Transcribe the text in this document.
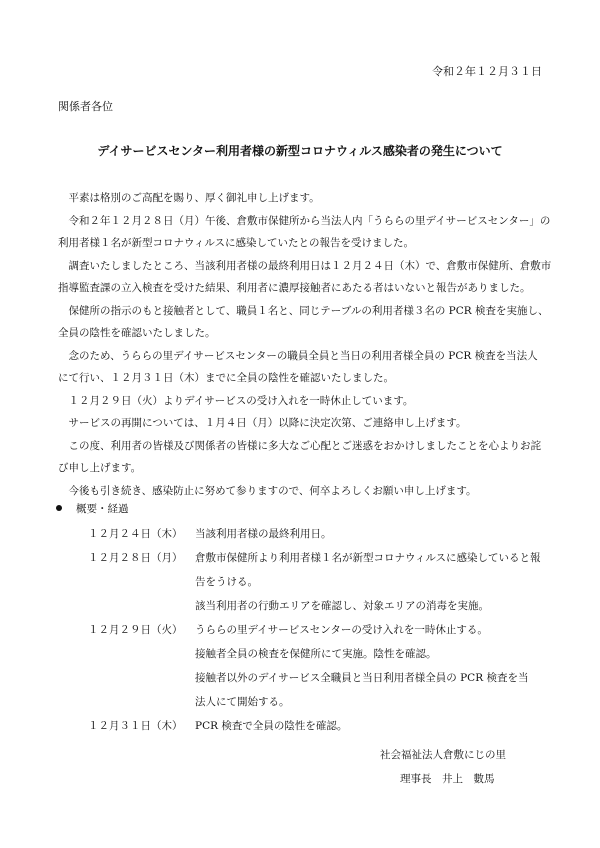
令和２年１２月３１日
関係者各位
デイサービスセンター利用者様の新型コロナウィルス感染者の発生について

　平素は格別のご高配を賜り、厚く御礼申し上げます。

　令和２年１２月２８日（月）午後、倉敷市保健所から当法人内「うららの里デイサービスセンター」の

利用者様１名が新型コロナウィルスに感染していたとの報告を受けました。

　調査いたしましたところ、当該利用者様の最終利用日は１２月２４日（木）で、倉敷市保健所、倉敷市

指導監査課の立入検査を受けた結果、利用者に濃厚接触者にあたる者はいないと報告がありました。

　保健所の指示のもと接触者として、職員１名と、同じテーブルの利用者様３名の PCR 検査を実施し、

全員の陰性を確認いたしました。

　念のため、うららの里デイサービスセンターの職員全員と当日の利用者様全員の PCR 検査を当法人

にて行い、１２月３１日（木）までに全員の陰性を確認いたしました。

　１２月２９日（火）よりデイサービスの受け入れを一時休止しています。

　サービスの再開については、１月４日（月）以降に決定次第、ご連絡申し上げます。

　この度、利用者の皆様及び関係者の皆様に多大なご心配とご迷惑をおかけしましたことを心よりお詫

び申し上げます。

　今後も引き続き、感染防止に努めて参りますので、何卒よろしくお願い申し上げます。

概要・経過
１２月２４日（木）	当該利用者様の最終利用日。
１２月２８日（月）	倉敷市保健所より利用者様１名が新型コロナウィルスに感染していると報
告をうける。
該当利用者の行動エリアを確認し、対象エリアの消毒を実施。
１２月２９日（火）	うららの里デイサービスセンターの受け入れを一時休止する。
接触者全員の検査を保健所にて実施。陰性を確認。
接触者以外のデイサービス全職員と当日利用者様全員の PCR 検査を当
法人にて開始する。
１２月３１日（木）	PCR 検査で全員の陰性を確認。
社会福祉法人倉敷にじの里
理事長　井上　數馬
